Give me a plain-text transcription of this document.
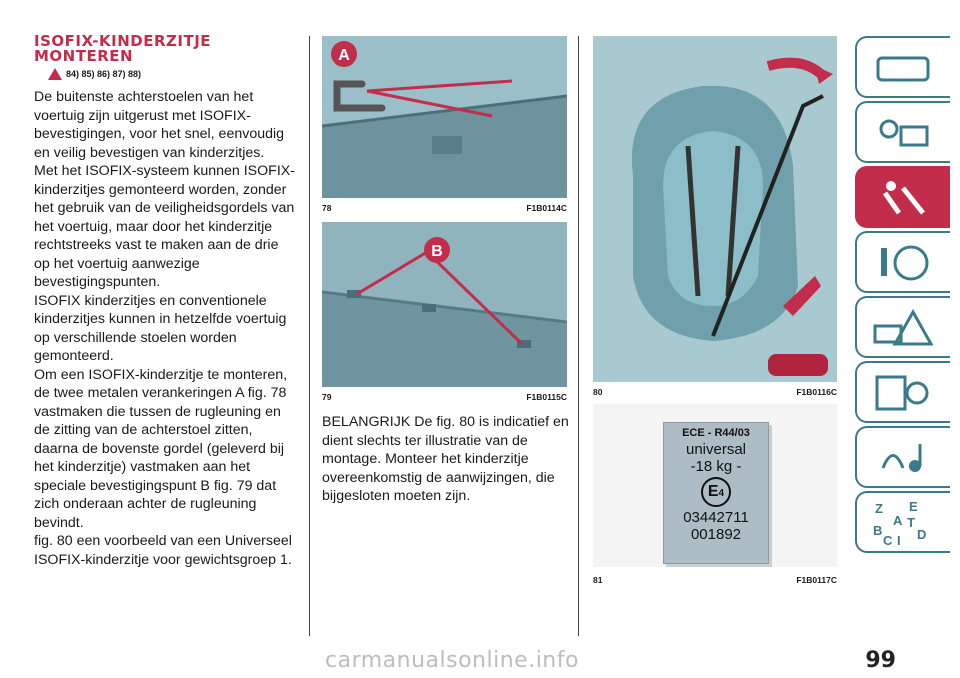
ISOFIX-KINDERZITJE
MONTEREN
84) 85) 86) 87) 88)

De buitenste achterstoelen van het voertuig zijn uitgerust met ISOFIX-bevestigingen, voor het snel, eenvoudig en veilig bevestigen van kinderzitjes.

Met het ISOFIX-systeem kunnen ISOFIX-kinderzitjes gemonteerd worden, zonder het gebruik van de veiligheidsgordels van het voertuig, maar door het kinderzitje rechtstreeks vast te maken aan de drie op het voertuig aanwezige bevestigingspunten.

ISOFIX kinderzitjes en conventionele kinderzitjes kunnen in hetzelfde voertuig op verschillende stoelen worden gemonteerd.

Om een ISOFIX-kinderzitje te monteren, de twee metalen verankeringen A fig. 78 vastmaken die tussen de rugleuning en de zitting van de achterstoel zitten, daarna de bovenste gordel (geleverd bij het kinderzitje) vastmaken aan het speciale bevestigingspunt B fig. 79 dat zich onderaan achter de rugleuning bevindt.

fig. 80 een voorbeeld van een Universeel ISOFIX-kinderzitje voor gewichtsgroep 1.

A
78	F1B0114C
B
79	F1B0115C

BELANGRIJK De fig. 80 is indicatief en dient slechts ter illustratie van de montage. Monteer het kinderzitje overeenkomstig de aanwijzingen, die bijgesloten moeten zijn.

80	F1B0116C
ECE - R44/03
universal
-18 kg -
E4
03442711
001892
81	F1B0117C
Z E
A
B
C D
I
T
99
carmanualsonline.info
